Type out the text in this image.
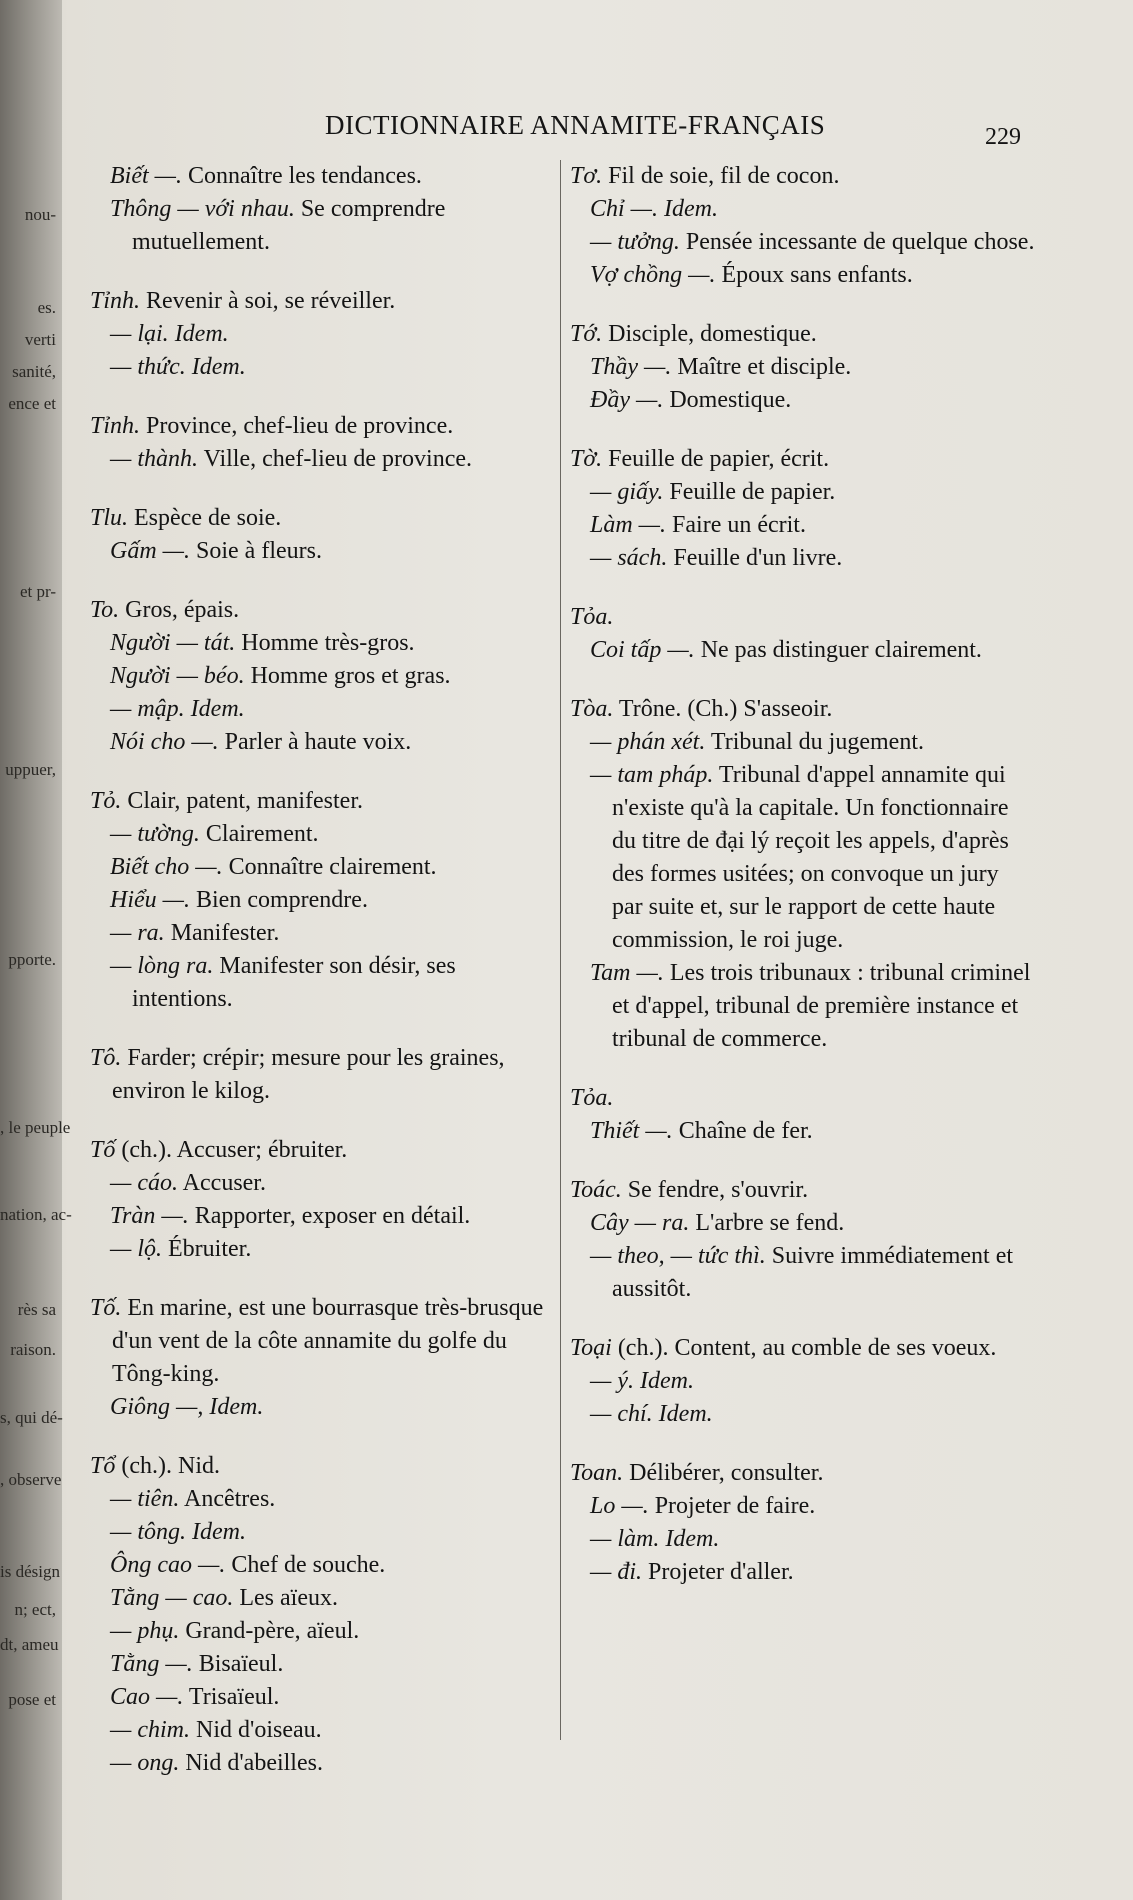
nou-
es.
verti
sanité,
ence et
et pr-
uppuer,
pporte.
, le peuple
nation, ac-
rès sa
raison.
s, qui dé-
, observe
is désign
n; ect,
dt, ameu
pose et
DICTIONNAIRE ANNAMITE-FRANÇAIS	229
Biết —. Connaître les tendances.
Thông — với nhau. Se comprendre mutuellement.
Tỉnh. Revenir à soi, se réveiller.
— lại. Idem.
— thức. Idem.
Tỉnh. Province, chef-lieu de province.
— thành. Ville, chef-lieu de province.
Tlu. Espèce de soie.
Gấm —. Soie à fleurs.
To. Gros, épais.
Người — tát. Homme très-gros.
Người — béo. Homme gros et gras.
— mập. Idem.
Nói cho —. Parler à haute voix.
Tỏ. Clair, patent, manifester.
— tường. Clairement.
Biết cho —. Connaître clairement.
Hiểu —. Bien comprendre.
— ra. Manifester.
— lòng ra. Manifester son désir, ses intentions.
Tô. Farder; crépir; mesure pour les graines, environ le kilog.
Tố (ch.). Accuser; ébruiter.
— cáo. Accuser.
Tràn —. Rapporter, exposer en détail.
— lộ. Ébruiter.
Tố. En marine, est une bourrasque très-brusque d'un vent de la côte annamite du golfe du Tông-king.
Giông —, Idem.
Tổ (ch.). Nid.
— tiên. Ancêtres.
— tông. Idem.
Ông cao —. Chef de souche.
Tằng — cao. Les aïeux.
— phụ. Grand-père, aïeul.
Tằng —. Bisaïeul.
Cao —. Trisaïeul.
— chim. Nid d'oiseau.
— ong. Nid d'abeilles.
Tơ. Fil de soie, fil de cocon.
Chỉ —. Idem.
— tưởng. Pensée incessante de quelque chose.
Vợ chồng —. Époux sans enfants.
Tớ. Disciple, domestique.
Thầy —. Maître et disciple.
Đầy —. Domestique.
Tờ. Feuille de papier, écrit.
— giấy. Feuille de papier.
Làm —. Faire un écrit.
— sách. Feuille d'un livre.
Tỏa.
Coi tấp —. Ne pas distinguer clairement.
Tòa. Trône. (Ch.) S'asseoir.
— phán xét. Tribunal du jugement.
— tam pháp. Tribunal d'appel annamite qui n'existe qu'à la capitale. Un fonctionnaire du titre de đại lý reçoit les appels, d'après des formes usitées; on convoque un jury par suite et, sur le rapport de cette haute commission, le roi juge.
Tam —. Les trois tribunaux : tribunal criminel et d'appel, tribunal de première instance et tribunal de commerce.
Tỏa.
Thiết —. Chaîne de fer.
Toác. Se fendre, s'ouvrir.
Cây — ra. L'arbre se fend.
— theo, — tức thì. Suivre immédiatement et aussitôt.
Toại (ch.). Content, au comble de ses voeux.
— ý. Idem.
— chí. Idem.
Toan. Délibérer, consulter.
Lo —. Projeter de faire.
— làm. Idem.
— đi. Projeter d'aller.
